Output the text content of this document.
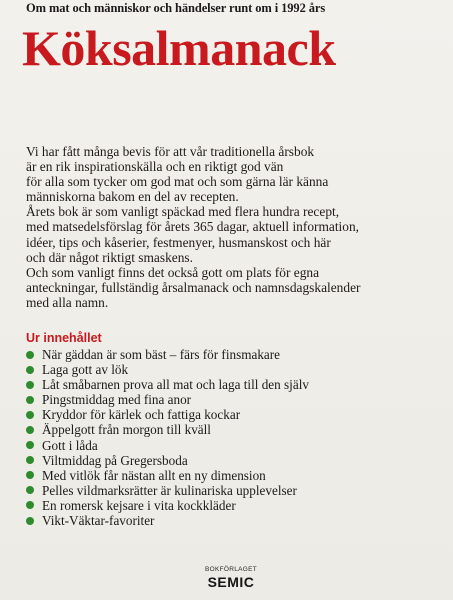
Om mat och människor och händelser runt om i 1992 års
Köksalmanack

Vi har fått många bevis för att vår traditionella årsbok

är en rik inspirationskälla och en riktigt god vän

för alla som tycker om god mat och som gärna lär känna

människorna bakom en del av recepten.

Årets bok är som vanligt späckad med flera hundra recept,

med matsedelsförslag för årets 365 dagar, aktuell information,

idéer, tips och kåserier, festmenyer, husmanskost och här

och där något riktigt smaskens.

Och som vanligt finns det också gott om plats för egna

anteckningar, fullständig årsalmanack och namnsdagskalender

med alla namn.

Ur innehållet
När gäddan är som bäst – färs för finsmakare
Laga gott av lök
Låt småbarnen prova all mat och laga till den själv
Pingstmiddag med fina anor
Kryddor för kärlek och fattiga kockar
Äppelgott från morgon till kväll
Gott i låda
Viltmiddag på Gregersboda
Med vitlök får nästan allt en ny dimension
Pelles vildmarksrätter är kulinariska upplevelser
En romersk kejsare i vita kockkläder
Vikt-Väktar-favoriter
BOKFÖRLAGET
SEMIC
